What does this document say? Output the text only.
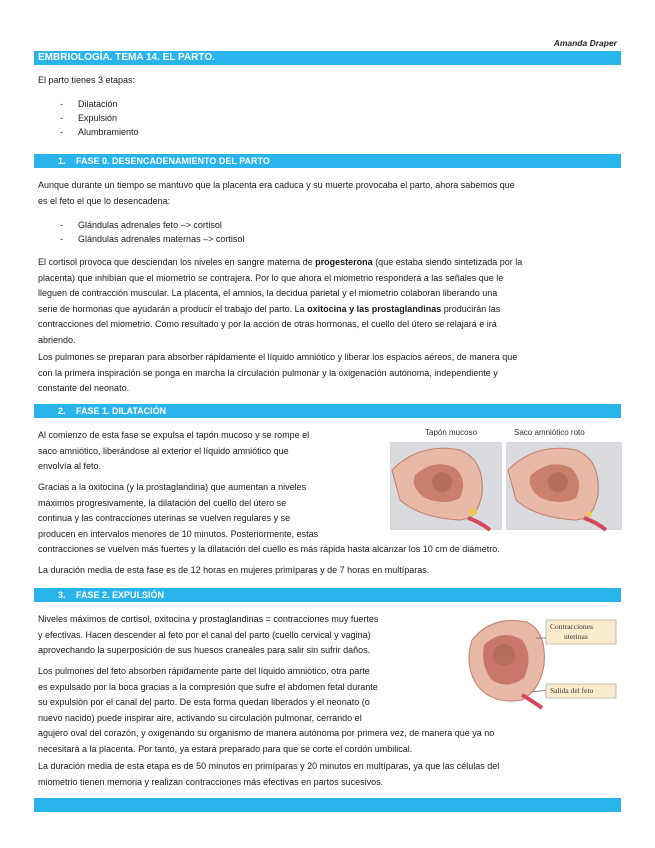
Amanda Draper
EMBRIOLOGÍA. TEMA 14. EL PARTO.

El parto tienes 3 etapas:

- Dilatación
- Expulsión
- Alumbramiento
1. FASE 0. DESENCADENAMIENTO DEL PARTO

Aunque durante un tiempo se mantuvo que la placenta era caduca y su muerte provocaba el parto, ahora sabemos que
es el feto el que lo desencadena:

- Glándulas adrenales feto –> cortisol
- Glándulas adrenales maternas –> cortisol

El cortisol provoca que desciendan los niveles en sangre materna de progesterona (que estaba siendo sintetizada por la
placenta) que inhibían que el miometrio se contrajera. Por lo que ahora el miometrio responderá a las señales que le
lleguen de contracción muscular. La placenta, el amnios, la decidua parietal y el miometrio colaboran liberando una
serie de hormonas que ayudarán a producir el trabajo del parto. La oxitocina y las prostaglandinas producirán las
contracciones del miometrio. Como resultado y por la acción de otras hormonas, el cuello del útero se relajará e irá
abriendo.

Los pulmones se preparan para absorber rápidamente el líquido amniótico y liberar los espacios aéreos, de manera que
con la primera inspiración se ponga en marcha la circulación pulmonar y la oxigenación autónoma, independiente y
constante del neonato.

2. FASE 1. DILATACIÓN

Al comienzo de esta fase se expulsa el tapón mucoso y se rompe el
saco amniótico, liberándose al exterior el líquido amniótico que
envolvía al feto.

Gracias a la oxitocina (y la prostaglandina) que aumentan a niveles
máximos progresivamente, la dilatación del cuello del útero se
continua y las contracciones uterinas se vuelven regulares y se
producen en intervalos menores de 10 minutos. Posteriormente, estas
contracciones se vuelven más fuertes y la dilatación del cuello es más rápida hasta alcanzar los 10 cm de diámetro.

La duración media de esta fase es de 12 horas en mujeres primíparas y de 7 horas en multíparas.

Tapón mucoso	Saco amniótico roto
3. FASE 2. EXPULSIÓN

Niveles máximos de cortisol, oxitocina y prostaglandinas = contracciones muy fuertes
y efectivas. Hacen descender al feto por el canal del parto (cuello cervical y vagina)
aprovechando la superposición de sus huesos craneales para salir sin sufrir daños.

Los pulmones del feto absorben rápidamente parte del líquido amniótico, otra parte
es expulsado por la boca gracias a la compresión que sufre el abdomen fetal durante
su expulsión por el canal del parto. De esta forma quedan liberados y el neonato (o
nuevo nacido) puede inspirar aire, activando su circulación pulmonar, cerrando el
agujero oval del corazón, y oxigenando su organismo de manera autónoma por primera vez, de manera que ya no
necesitará a la placenta. Por tanto, ya estará preparado para que se corte el cordón umbilical.

La duración media de esta etapa es de 50 minutos en primíparas y 20 minutos en multíparas, ya que las células del
miometrio tienen memoria y realizan contracciones más efectivas en partos sucesivos.

Contracciones
uterinas
Salida del feto
